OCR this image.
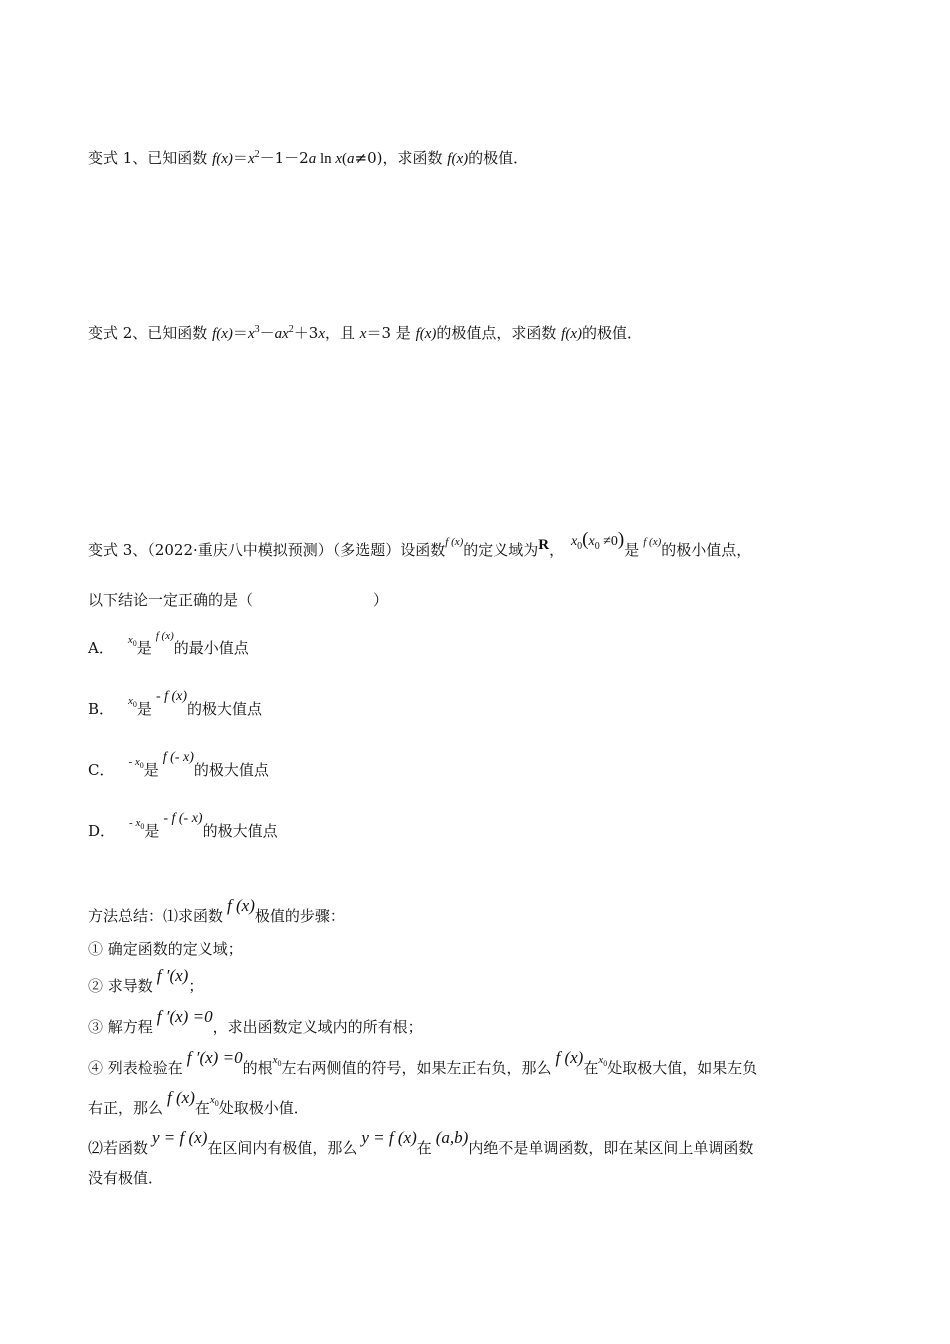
变式 1、已知函数 $f(x)=x^2-1-2a$ ln x(a≠0)，求函数 f(x)的极值．
变式 2、已知函数 $f(x)=x^3-ax^2+3x$，且 x＝3 是 f(x)的极值点，求函数 f(x)的极值．
变式 3、（2022·重庆八中模拟预测）（多选题）设函数f (x)的定义域为R， $x_0(x_0 \ne 0)$是 f (x)的极小值点，
以下结论一定正确的是（　　　　　　　　）
A． $x_0$是f (x)的最小值点
B． $x_0$是- f (x)的极大值点
C． - $x_0$是f (- x)的极大值点
D． - $x_0$是- f (- x)的极大值点
方法总结：⑴求函数f (x)极值的步骤：
① 确定函数的定义域；
② 求导数f ′(x)；
③ 解方程f ′(x) =0，求出函数定义域内的所有根；
④ 列表检验在f ′(x) =0的根$x_0$左右两侧值的符号，如果左正右负，那么f (x)在$x_0$处取极大值，如果左负
右正，那么f (x)在$x_0$处取极小值．
⑵若函数y = f (x)在区间内有极值，那么y = f (x)在(a,b)内绝不是单调函数，即在某区间上单调函数
没有极值．
